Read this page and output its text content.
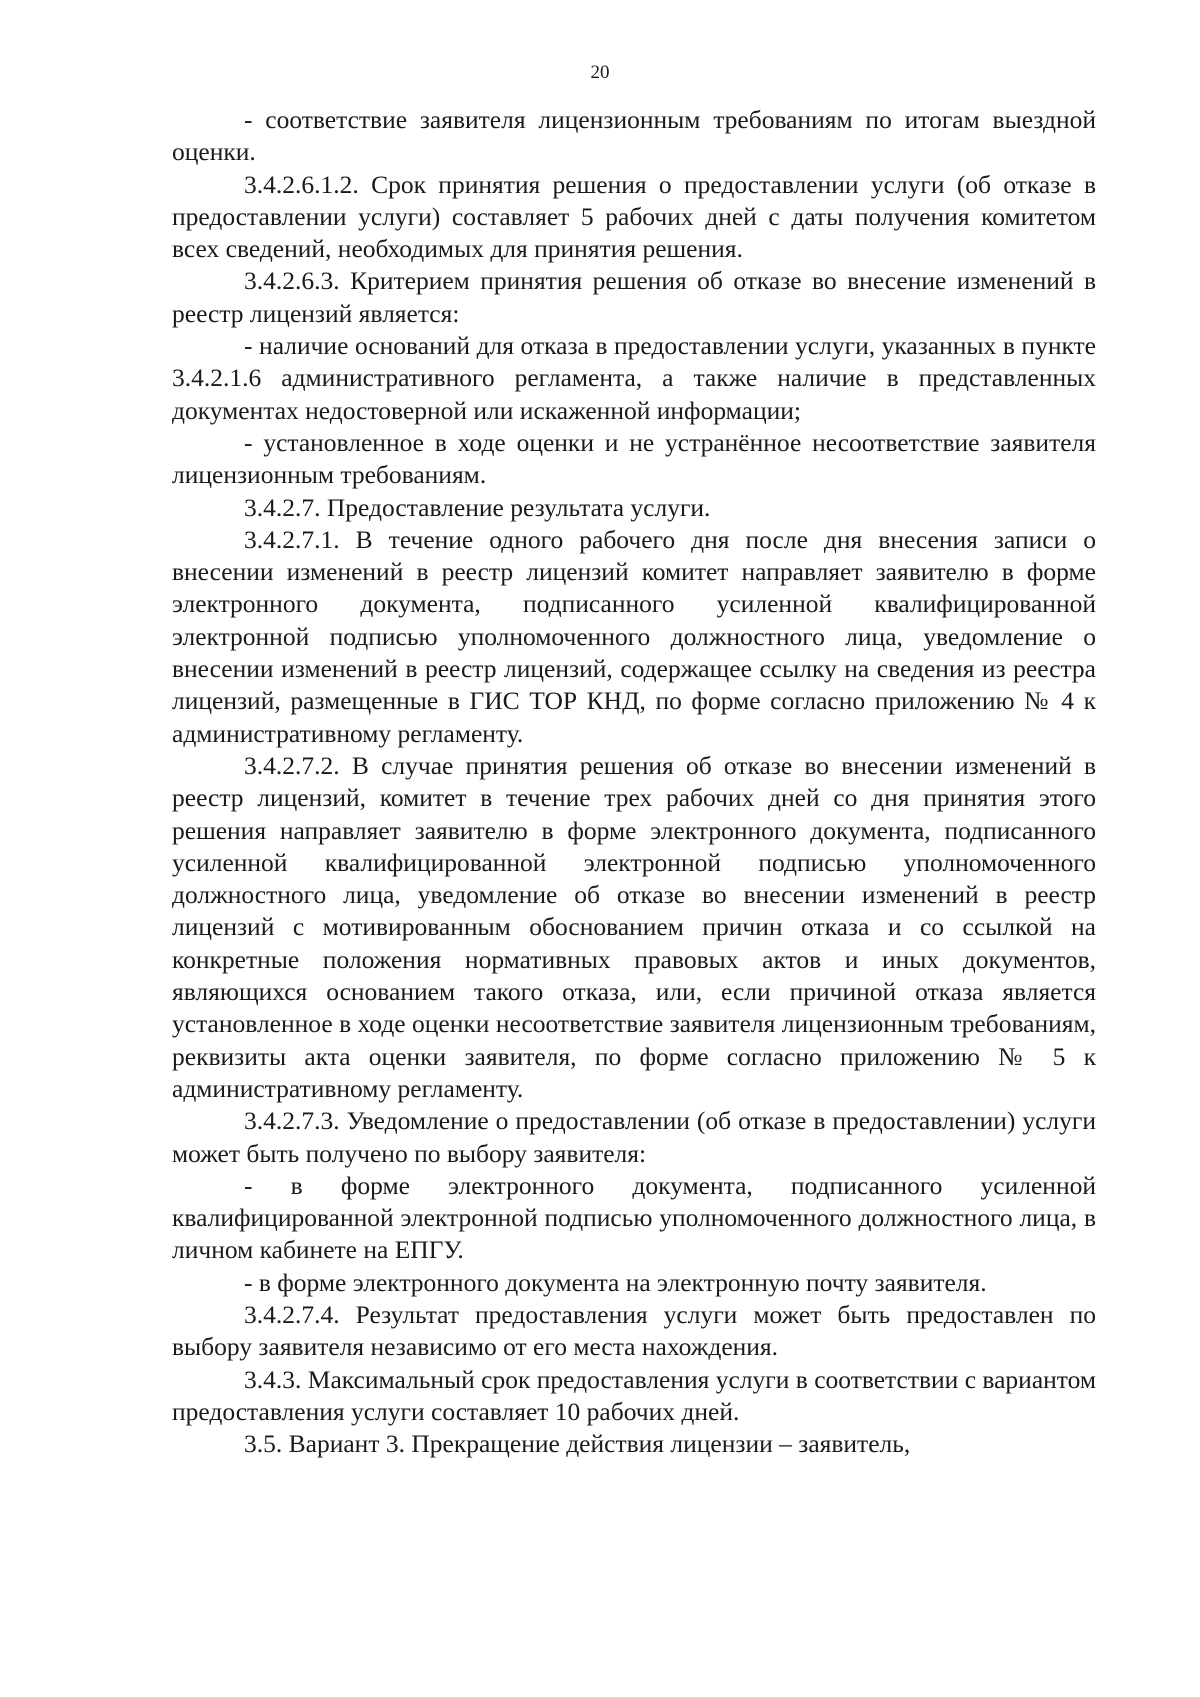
20

- соответствие заявителя лицензионным требованиям по итогам выездной оценки.

3.4.2.6.1.2. Срок принятия решения о предоставлении услуги (об отказе в предоставлении услуги) составляет 5 рабочих дней с даты получения комитетом всех сведений, необходимых для принятия решения.

3.4.2.6.3. Критерием принятия решения об отказе во внесение изменений в реестр лицензий является:

- наличие оснований для отказа в предоставлении услуги, указанных в пункте 3.4.2.1.6 административного регламента, а также наличие в представленных документах недостоверной или искаженной информации;

- установленное в ходе оценки и не устранённое несоответствие заявителя лицензионным требованиям.

3.4.2.7. Предоставление результата услуги.

3.4.2.7.1. В течение одного рабочего дня после дня внесения записи о внесении изменений в реестр лицензий комитет направляет заявителю в форме электронного документа, подписанного усиленной квалифицированной электронной подписью уполномоченного должностного лица, уведомление о внесении изменений в реестр лицензий, содержащее ссылку на сведения из реестра лицензий, размещенные в ГИС ТОР КНД, по форме согласно приложению № 4 к административному регламенту.

3.4.2.7.2. В случае принятия решения об отказе во внесении изменений в реестр лицензий, комитет в течение трех рабочих дней со дня принятия этого решения направляет заявителю в форме электронного документа, подписанного усиленной квалифицированной электронной подписью уполномоченного должностного лица, уведомление об отказе во внесении изменений в реестр лицензий с мотивированным обоснованием причин отказа и со ссылкой на конкретные положения нормативных правовых актов и иных документов, являющихся основанием такого отказа, или, если причиной отказа является установленное в ходе оценки несоответствие заявителя лицензионным требованиям, реквизиты акта оценки заявителя, по форме согласно приложению № 5 к административному регламенту.

3.4.2.7.3. Уведомление о предоставлении (об отказе в предоставлении) услуги может быть получено по выбору заявителя:

- в форме электронного документа, подписанного усиленной квалифицированной электронной подписью уполномоченного должностного лица, в личном кабинете на ЕПГУ.

- в форме электронного документа на электронную почту заявителя.

3.4.2.7.4. Результат предоставления услуги может быть предоставлен по выбору заявителя независимо от его места нахождения.

3.4.3. Максимальный срок предоставления услуги в соответствии с вариантом предоставления услуги составляет 10 рабочих дней.

3.5. Вариант 3. Прекращение действия лицензии – заявитель,
